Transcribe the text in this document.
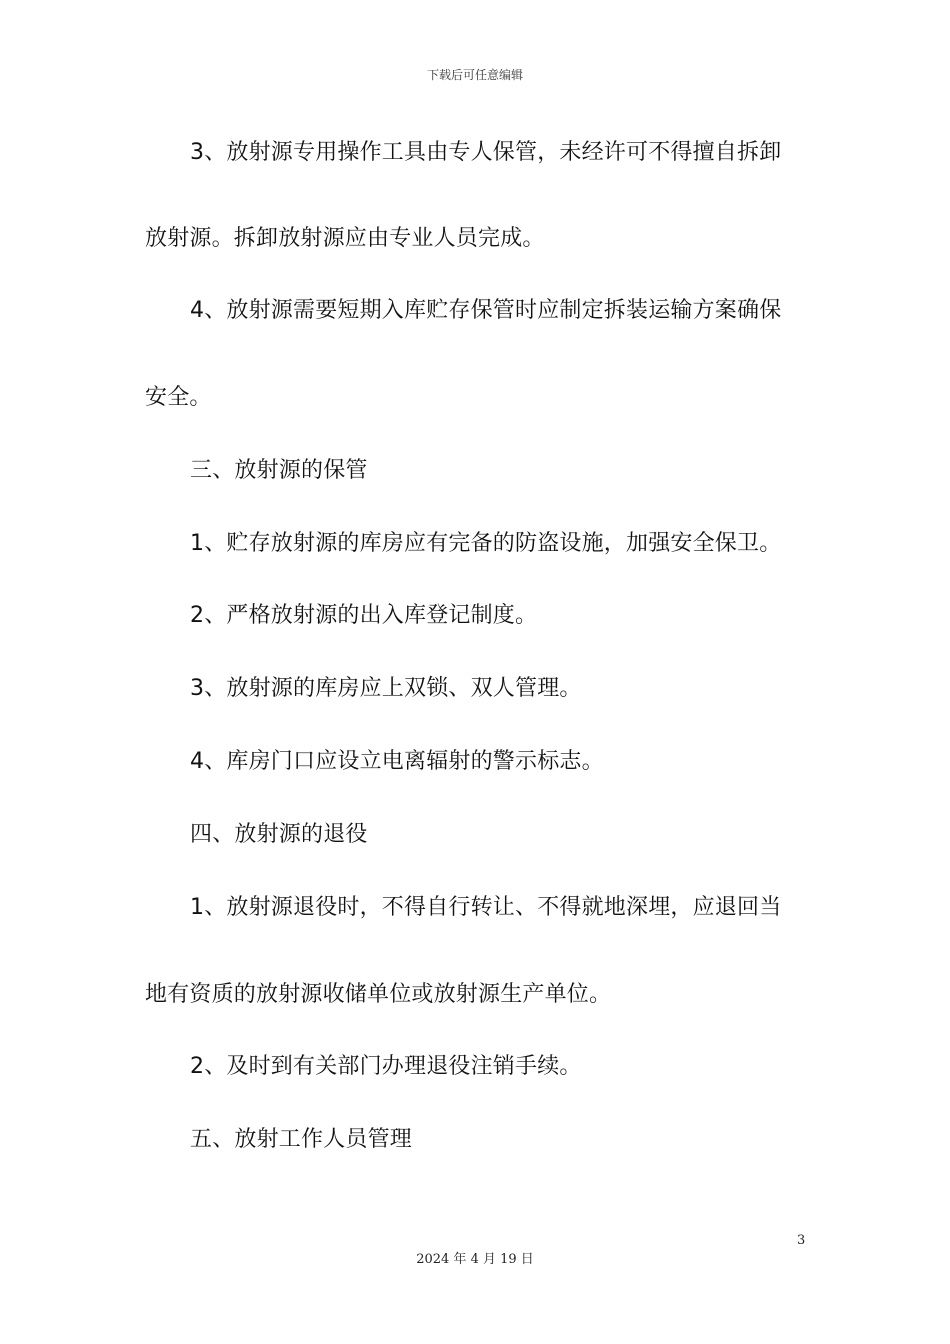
下载后可任意编辑
3、放射源专用操作工具由专人保管，未经许可不得擅自拆卸
放射源。拆卸放射源应由专业人员完成。
4、放射源需要短期入库贮存保管时应制定拆装运输方案确保
安全。
三、放射源的保管
1、贮存放射源的库房应有完备的防盗设施，加强安全保卫。
2、严格放射源的出入库登记制度。
3、放射源的库房应上双锁、双人管理。
4、库房门口应设立电离辐射的警示标志。
四、放射源的退役
1、放射源退役时，不得自行转让、不得就地深埋，应退回当
地有资质的放射源收储单位或放射源生产单位。
2、及时到有关部门办理退役注销手续。
五、放射工作人员管理
3
2024 年 4 月 19 日
